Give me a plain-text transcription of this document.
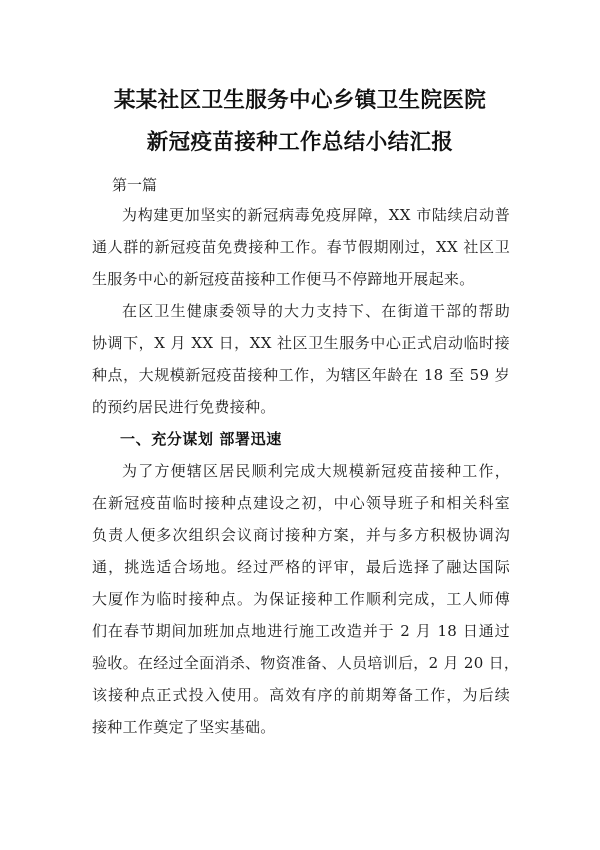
某某社区卫生服务中心乡镇卫生院医院
新冠疫苗接种工作总结小结汇报
第一篇
为构建更加坚实的新冠病毒免疫屏障，XX 市陆续启动普
通人群的新冠疫苗免费接种工作。春节假期刚过，XX 社区卫
生服务中心的新冠疫苗接种工作便马不停蹄地开展起来。
在区卫生健康委领导的大力支持下、在街道干部的帮助
协调下，X 月 XX 日，XX 社区卫生服务中心正式启动临时接
种点，大规模新冠疫苗接种工作，为辖区年龄在 18 至 59 岁
的预约居民进行免费接种。
一、充分谋划 部署迅速
为了方便辖区居民顺利完成大规模新冠疫苗接种工作，
在新冠疫苗临时接种点建设之初，中心领导班子和相关科室
负责人便多次组织会议商讨接种方案，并与多方积极协调沟
通，挑选适合场地。经过严格的评审，最后选择了融达国际
大厦作为临时接种点。为保证接种工作顺利完成，工人师傅
们在春节期间加班加点地进行施工改造并于 2 月 18 日通过
验收。在经过全面消杀、物资准备、人员培训后，2 月 20 日，
该接种点正式投入使用。高效有序的前期筹备工作，为后续
接种工作奠定了坚实基础。
